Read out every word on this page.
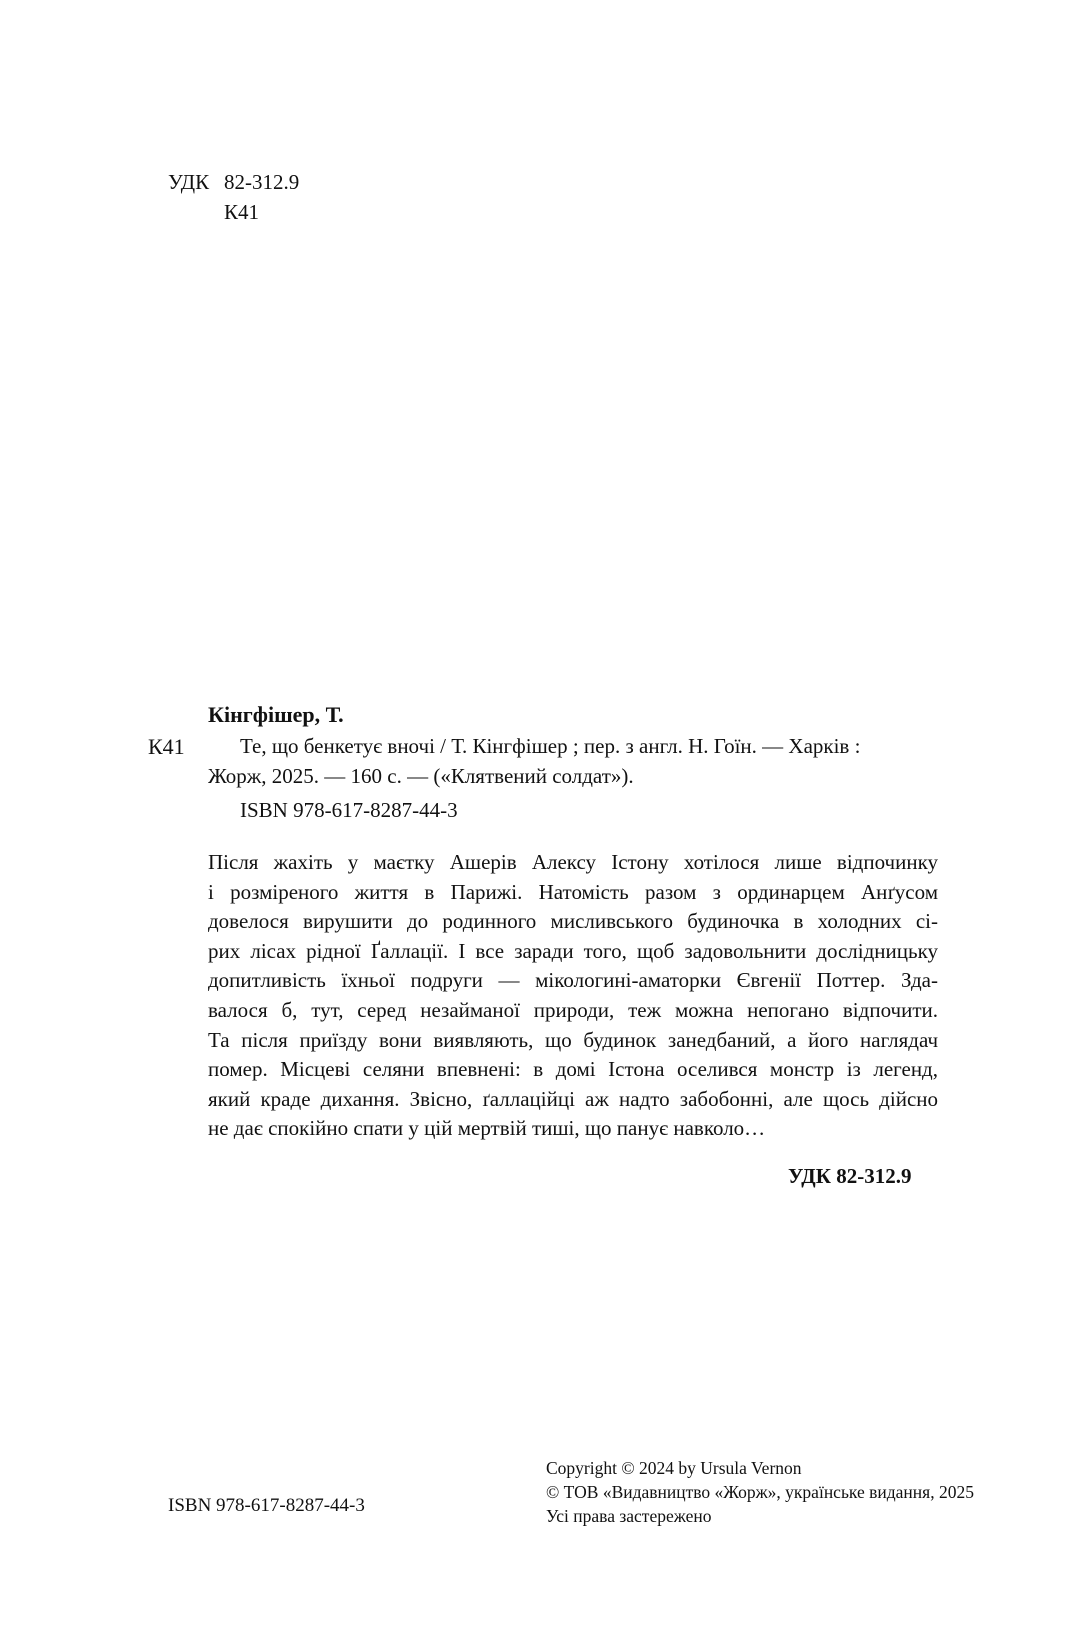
УДК 82-312.9
К41
Кінгфішер, Т.
К41	Те, що бенкетує вночі / Т. Кінгфішер ; пер. з англ. Н. Гоїн. — Харків :
Жорж, 2025. — 160 с. — («Клятвений солдат»).
ISBN 978-617-8287-44-3
Після жахіть у маєтку Ашерів Алексу Істону хотілося лише відпочинку
і розміреного життя в Парижі. Натомість разом з ординарцем Анґусом
довелося вирушити до родинного мисливського будиночка в холодних сі-
рих лісах рідної Ґаллації. І все заради того, щоб задовольнити дослідницьку
допитливість їхньої подруги — мікологині-аматорки Євгенії Поттер. Зда-
валося б, тут, серед незайманої природи, теж можна непогано відпочити.
Та після приїзду вони виявляють, що будинок занедбаний, а його наглядач
помер. Місцеві селяни впевнені: в домі Істона оселився монстр із легенд,
який краде дихання. Звісно, ґаллаційці аж надто забобонні, але щось дійсно
не дає спокійно спати у цій мертвій тиші, що панує навколо…
УДК 82-312.9
ISBN 978-617-8287-44-3
Copyright © 2024 by Ursula Vernon
© ТОВ «Видавництво «Жорж», українське видання, 2025
Усі права застережено
